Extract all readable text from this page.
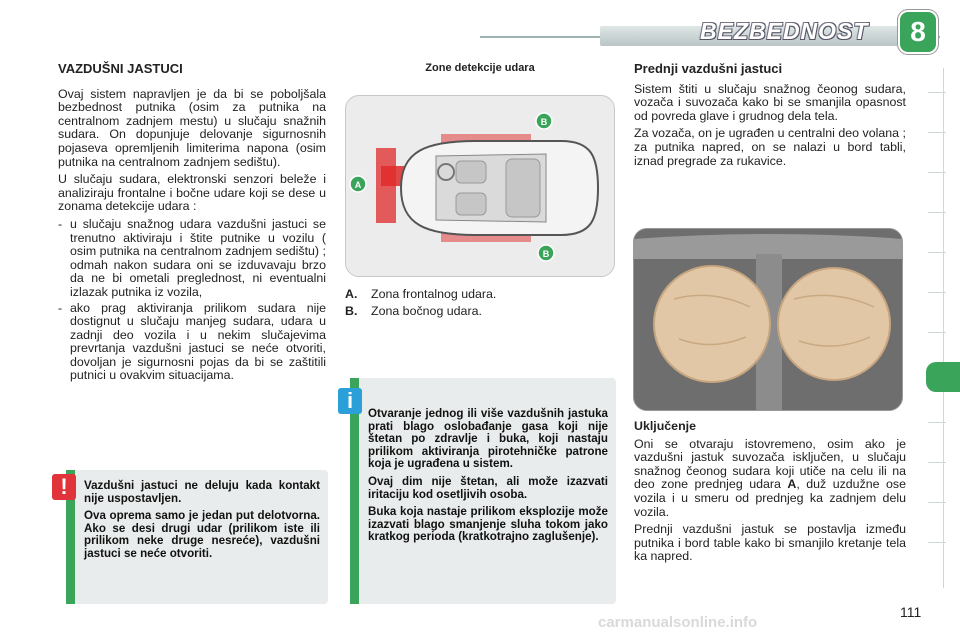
BEZBEDNOST	8
VAZDUŠNI JASTUCI

Ovaj sistem napravljen je da bi se poboljšala bezbednost putnika (osim za putnika na centralnom zadnjem mestu) u slučaju snažnih sudara. On dopunjuje delovanje sigurnosnih pojaseva opremljenih limiterima napona (osim putnika na centralnom zadnjem sedištu).

U slučaju sudara, elektronski senzori beleže i analiziraju frontalne i bočne udare koji se dese u zonama detekcije udara :

- u slučaju snažnog udara vazdušni jastuci se trenutno aktiviraju i štite putnike u vozilu ( osim putnika na centralnom zadnjem sedištu) ; odmah nakon sudara oni se izduvavaju brzo da ne bi ometali preglednost, ni eventualni izlazak putnika iz vozila,
- ako prag aktiviranja prilikom sudara nije dostignut u slučaju manjeg sudara, udara u zadnji deo vozila i u nekim slučajevima prevrtanja vazdušni jastuci se neće otvoriti, dovoljan je sigurnosni pojas da bi se zaštitili putnici u ovakvim situacijama.
Zone detekcije udara
B
A
B
A.	Zona frontalnog udara.
B.	Zona bočnog udara.

Vazdušni jastuci ne deluju kada kontakt nije uspostavljen.

Ova oprema samo je jedan put delotvorna. Ako se desi drugi udar (prilikom iste ili prilikom neke druge nesreće), vazdušni jastuci se neće otvoriti.

!

Otvaranje jednog ili više vazdušnih jastuka prati blago oslobađanje gasa koji nije štetan po zdravlje i buka, koji nastaju prilikom aktiviranja pirotehničke patrone koja je ugrađena u sistem.

Ovaj dim nije štetan, ali može izazvati iritaciju kod osetljivih osoba.

Buka koja nastaje prilikom eksplozije može izazvati blago smanjenje sluha tokom jako kratkog perioda (kratkotrajno zaglušenje).

i
Prednji vazdušni jastuci

Sistem štiti u slučaju snažnog čeonog sudara, vozača i suvozača kako bi se smanjila opasnost od povreda glave i grudnog dela tela.

Za vozača, on je ugrađen u centralni deo volana ; za putnika napred, on se nalazi u bord tabli, iznad pregrade za rukavice.

Uključenje

Oni se otvaraju istovremeno, osim ako je vazdušni jastuk suvozača isključen, u slučaju snažnog čeonog sudara koji utiče na celu ili na deo zone prednjeg udara A, duž uzdužne ose vozila i u smeru od prednjeg ka zadnjem delu vozila.

Prednji vazdušni jastuk se postavlja između putnika i bord table kako bi smanjilo kretanje tela ka napred.

carmanualsonline.info
111
